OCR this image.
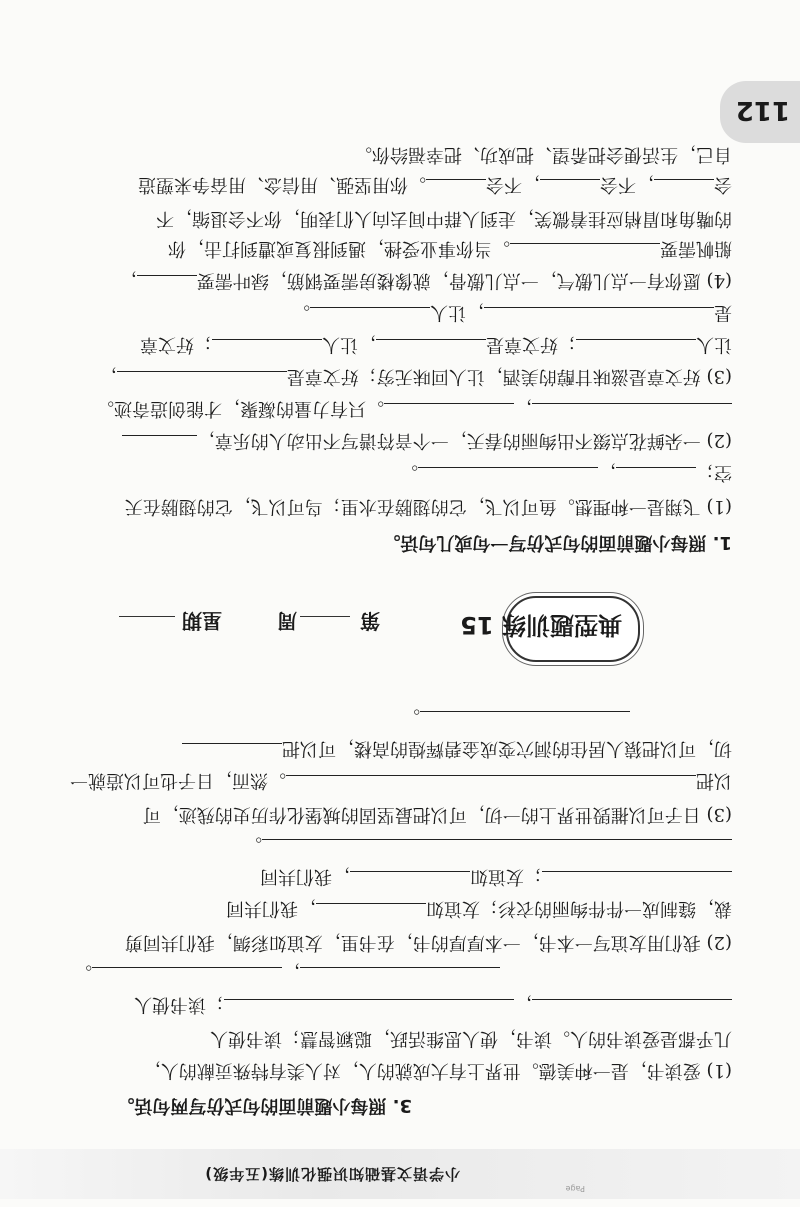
Page
小学语文基础知识强化训练(五年级)
3. 照每小题前面的句式仿写两句话。
(1) 爱读书，是一种美德。世界上有大成就的人，对人类有特殊贡献的人，
几乎都是爱读书的人。读书，使人思维活跃，聪颖智慧；读书使人
，；读书使人
，。
(2) 我们用友谊写一本书，一本厚厚的书，在书里，友谊如彩绸，我们共同剪
裁，缝制成一件件绚丽的衣衫；友谊如，我们共同
；友谊如，我们共同
。
(3) 日子可以摧毁世界上的一切，可以把最坚固的城堡化作历史的残迹，可
以把。然而，日子也可以造就一
切，可以把猿人居住的洞穴变成金碧辉煌的高楼，可以把
。
典型题训练 15
第
周
星期
1. 照每小题前面的句式仿写一句或几句话。
(1) 飞翔是一种理想。鱼可以飞，它的翅膀在水里；鸟可以飞，它的翅膀在天
空；，。
(2) 一朵鲜花点缀不出绚丽的春天，一个音符谱写不出动人的乐章，
，。只有力量的凝聚，才能创造奇迹。
(3) 好文章是滋味甘醇的美酒，让人回味无穷；好文章是，
让人；好文章是，让人；好文章
是，让人。
(4) 愿你有一点儿傲气，一点儿傲骨，就像楼房需要钢筋，绿叶需要，
船帆需要。当你事业受挫，遇到报复或遭到打击，你
的嘴角和眉梢应挂着微笑，走到人群中间去向人们表明，你不会退缩，不
会，不会，不会。你用坚强、用信念、用奋争来塑造
自己，生活便会把希望、把成功、把幸福给你。
112
